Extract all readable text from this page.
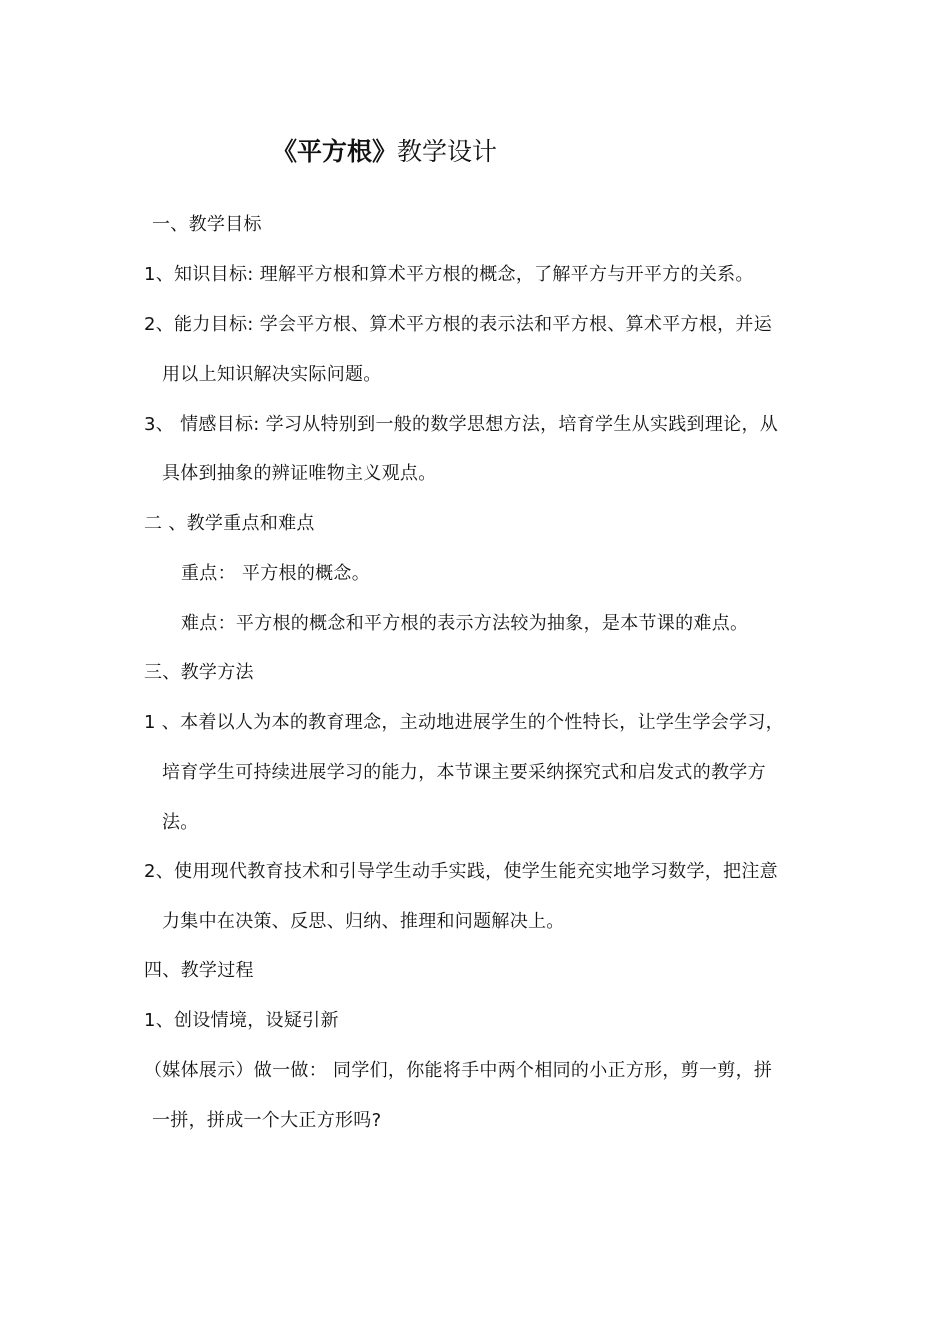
《平方根》教学设计
一、教学目标
1、知识目标: 理解平方根和算术平方根的概念，了解平方与开平方的关系。
2、能力目标: 学会平方根、算术平方根的表示法和平方根、算术平方根，并运
用以上知识解决实际问题。
3、 情感目标: 学习从特别到一般的数学思想方法，培育学生从实践到理论，从
具体到抽象的辨证唯物主义观点。
二 、教学重点和难点
重点： 平方根的概念。
难点：平方根的概念和平方根的表示方法较为抽象，是本节课的难点。
三、教学方法
1 、本着以人为本的教育理念，主动地进展学生的个性特长，让学生学会学习，
培育学生可持续进展学习的能力，本节课主要采纳探究式和启发式的教学方
法。
2、使用现代教育技术和引导学生动手实践，使学生能充实地学习数学，把注意
力集中在决策、反思、归纳、推理和问题解决上。
四、教学过程
1、创设情境，设疑引新
（媒体展示）做一做： 同学们，你能将手中两个相同的小正方形，剪一剪，拼
一拼，拼成一个大正方形吗?
